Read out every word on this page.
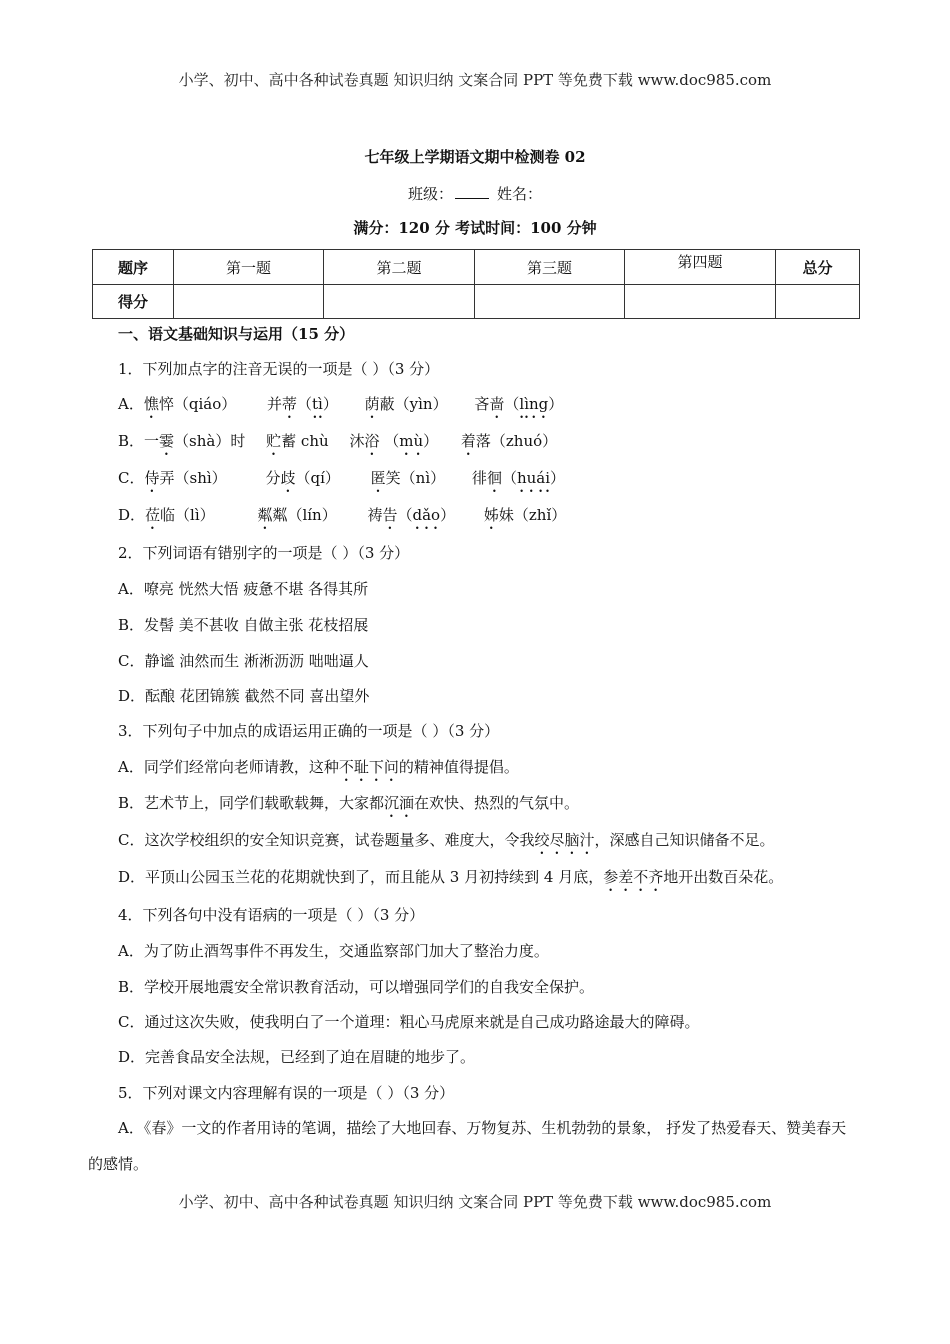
小学、初中、高中各种试卷真题 知识归纳 文案合同 PPT 等免费下载 www.doc985.com
七年级上学期语文期中检测卷 02
班级：	姓名：
满分：120 分 考试时间：100 分钟
题序	第一题	第二题	第三题	第四题	总分
得分					
一、语文基础知识与运用（15 分）
1．下列加点字的注音无误的一项是（ ）（3 分）
A．憔悴（qiáo） 并蒂（tì） 荫蔽（yìn） 吝啬（lìng）
B．一霎（shà）时 贮蓄 chù 沐浴 （mù） 着落（zhuó）
C．侍弄（shì）	分歧（qí） 匿笑（nì） 徘徊（huái）
D．莅临（lì）	粼粼（lín） 祷告（dǎo） 姊妹（zhǐ）
2．下列词语有错别字的一项是（ ）（3 分）
A．嘹亮 恍然大悟 疲惫不堪 各得其所
B．发髻 美不甚收 自做主张 花枝招展
C．静谧 油然而生 淅淅沥沥 咄咄逼人
D．酝酿 花团锦簇 截然不同 喜出望外
3．下列句子中加点的成语运用正确的一项是（ ）（3 分）
A．同学们经常向老师请教，这种不耻下问的精神值得提倡。
B．艺术节上，同学们载歌载舞，大家都沉湎在欢快、热烈的气氛中。
C．这次学校组织的安全知识竞赛，试卷题量多、难度大，令我绞尽脑汁，深感自己知识储备不足。
D．平顶山公园玉兰花的花期就快到了，而且能从 3 月初持续到 4 月底，参差不齐地开出数百朵花。
4．下列各句中没有语病的一项是（ ）（3 分）
A．为了防止酒驾事件不再发生，交通监察部门加大了整治力度。
B．学校开展地震安全常识教育活动，可以增强同学们的自我安全保护。
C．通过这次失败，使我明白了一个道理：粗心马虎原来就是自己成功路途最大的障碍。
D．完善食品安全法规，已经到了迫在眉睫的地步了。
5．下列对课文内容理解有误的一项是（ ）（3 分）
A．《春》一文的作者用诗的笔调，描绘了大地回春、万物复苏、生机勃勃的景象， 抒发了热爱春天、赞美春天的感情。
小学、初中、高中各种试卷真题 知识归纳 文案合同 PPT 等免费下载 www.doc985.com
